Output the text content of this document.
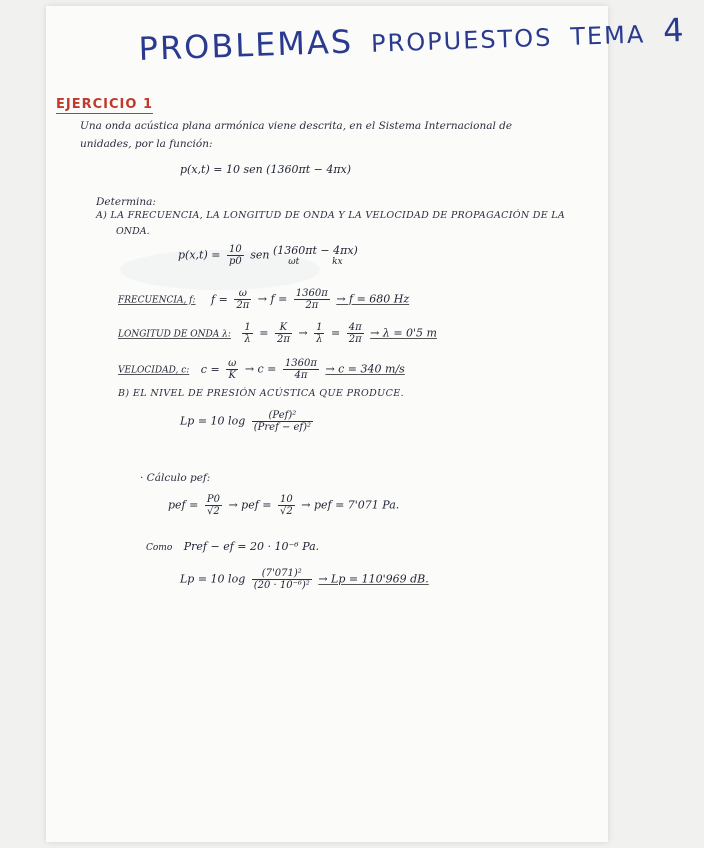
PROBLEMAS PROPUESTOS TEMA 4
EJERCICIO 1
Una onda acústica plana armónica viene descrita, en el Sistema Internacional de
unidades, por la función:
p(x,t) = 10 sen (1360πt − 4πx)
Determina:
A) LA FRECUENCIA, LA LONGITUD DE ONDA Y LA VELOCIDAD DE PROPAGACIÓN DE LA
ONDA.
$p(x,t) = \frac{10}{p0}$ sen (1360πt − 4πx)
ωt	kx
FRECUENCIA, f: $f = \frac{\omega}{2\pi} \to f = \frac{1360\pi}{2\pi} \to f = 680$ Hz
LONGITUD DE ONDA λ: $\frac{1}{\lambda} = \frac{K}{2\pi} \to \frac{1}{\lambda} = \frac{4\pi}{2\pi} \to \lambda = 0'5$ m
VELOCIDAD, c: $c = \frac{\omega}{K} \to c = \frac{1360\pi}{4\pi} \to c = 340$ m/s
B) EL NIVEL DE PRESIÓN ACÚSTICA QUE PRODUCE.
Lp = 10 $\log \frac{\text{(Pef)²}}{\text{(Pref − ef)²}}$
· Cálculo pef:
pef = $\frac{P0}{√2}$ → pef = $\frac{10}{√2}$ → pef = 7'071 Pa.
Como Pref − ef = 20 · 10⁻⁶ Pa.
Lp = 10 $\log \frac{\text{(7'071)²}}{\text{(20 · 10⁻⁶)²}} \to Lp = 110'969$ dB.
